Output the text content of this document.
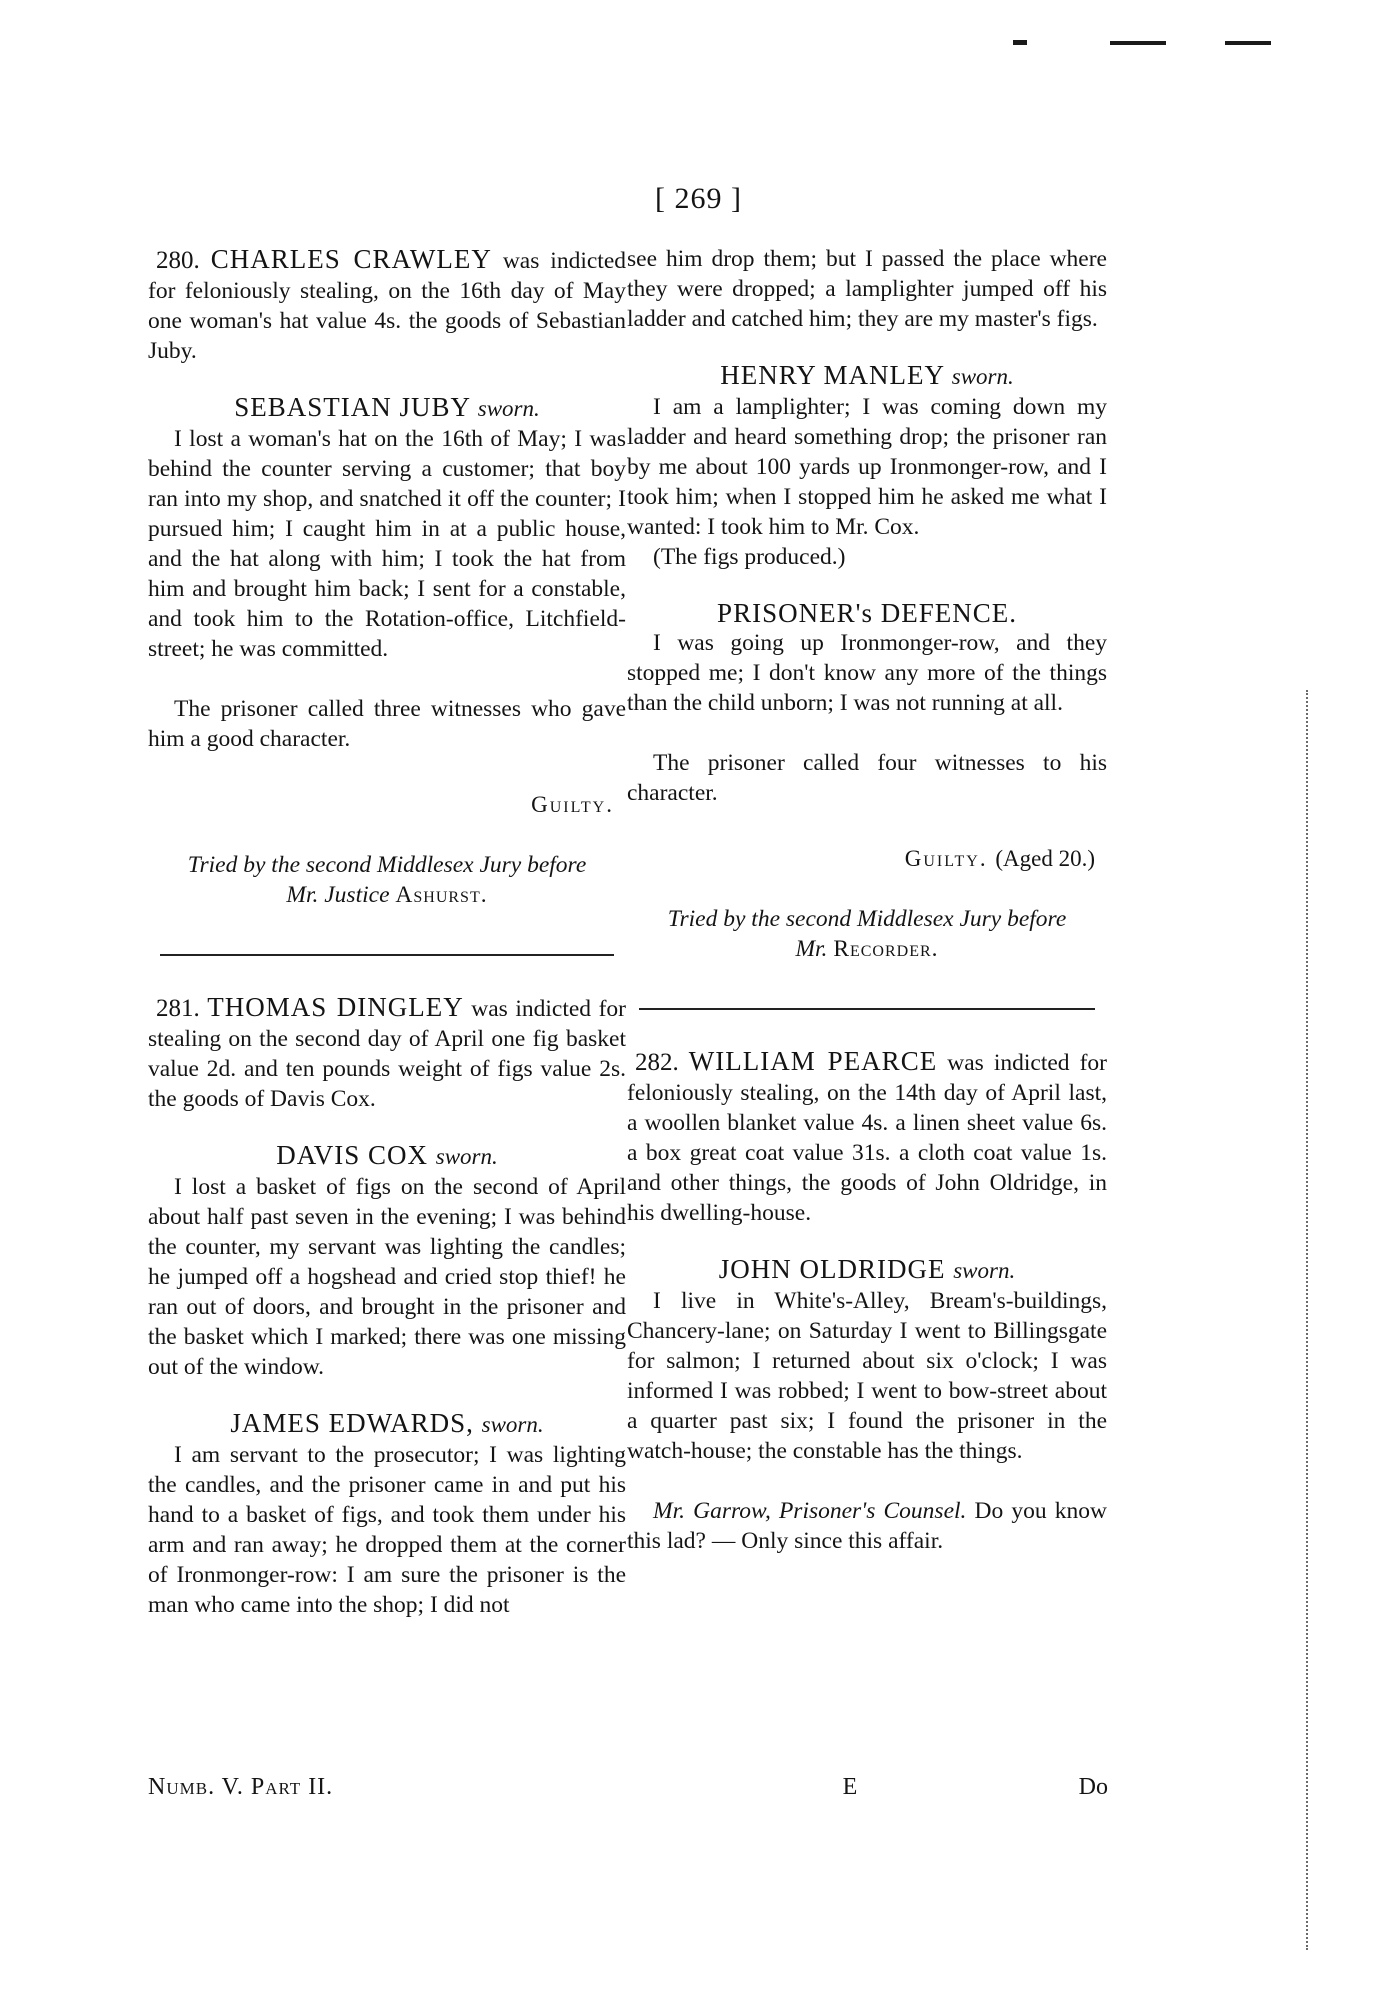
[ 269 ]

280. CHARLES CRAWLEY was indicted for feloniously stealing, on the 16th day of May one woman's hat value 4s. the goods of Sebastian Juby.

SEBASTIAN JUBY sworn.

I lost a woman's hat on the 16th of May; I was behind the counter serving a customer; that boy ran into my shop, and snatched it off the counter; I pursued him; I caught him in at a public house, and the hat along with him; I took the hat from him and brought him back; I sent for a constable, and took him to the Rotation-office, Litchfield-street; he was committed.

The prisoner called three witnesses who gave him a good character.

Guilty.
Tried by the second Middlesex Jury before
Mr. Justice Ashurst.

281. THOMAS DINGLEY was indicted for stealing on the second day of April one fig basket value 2d. and ten pounds weight of figs value 2s. the goods of Davis Cox.

DAVIS COX sworn.

I lost a basket of figs on the second of April about half past seven in the evening; I was behind the counter, my servant was lighting the candles; he jumped off a hogshead and cried stop thief! he ran out of doors, and brought in the prisoner and the basket which I marked; there was one missing out of the window.

JAMES EDWARDS, sworn.

I am servant to the prosecutor; I was lighting the candles, and the prisoner came in and put his hand to a basket of figs, and took them under his arm and ran away; he dropped them at the corner of Ironmonger-row: I am sure the prisoner is the man who came into the shop; I did not

see him drop them; but I passed the place where they were dropped; a lamplighter jumped off his ladder and catched him; they are my master's figs.

HENRY MANLEY sworn.

I am a lamplighter; I was coming down my ladder and heard something drop; the prisoner ran by me about 100 yards up Ironmonger-row, and I took him; when I stopped him he asked me what I wanted: I took him to Mr. Cox.

(The figs produced.)

PRISONER's DEFENCE.

I was going up Ironmonger-row, and they stopped me; I don't know any more of the things than the child unborn; I was not running at all.

The prisoner called four witnesses to his character.

Guilty. (Aged 20.)
Tried by the second Middlesex Jury before
Mr. Recorder.

282. WILLIAM PEARCE was indicted for feloniously stealing, on the 14th day of April last, a woollen blanket value 4s. a linen sheet value 6s. a box great coat value 31s. a cloth coat value 1s. and other things, the goods of John Oldridge, in his dwelling-house.

JOHN OLDRIDGE sworn.

I live in White's-Alley, Bream's-buildings, Chancery-lane; on Saturday I went to Billingsgate for salmon; I returned about six o'clock; I was informed I was robbed; I went to bow-street about a quarter past six; I found the prisoner in the watch-house; the constable has the things.

Mr. Garrow, Prisoner's Counsel. Do you know this lad? — Only since this affair.

Numb. V. Part II.	E	Do
